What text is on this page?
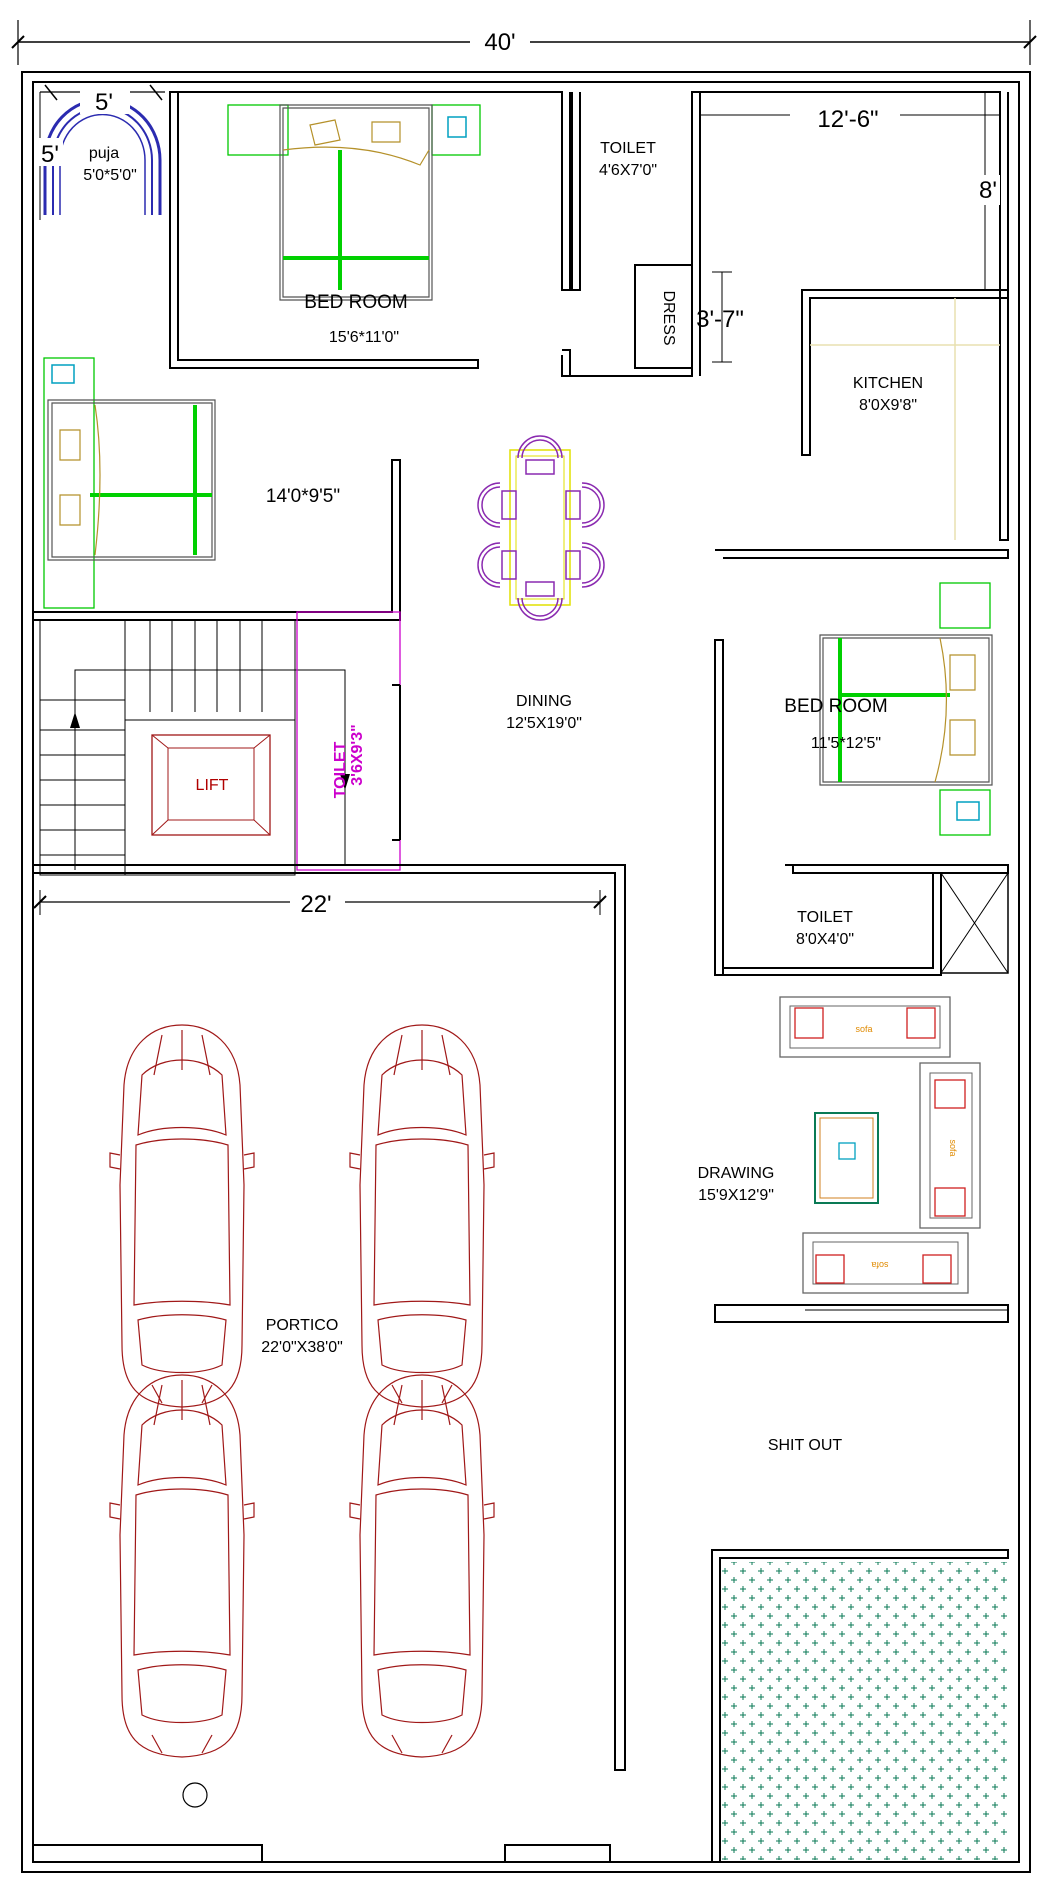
40'
5'
5' puja
5'0*5'0"
BED ROOM
15'6*11'0"
TOILET
4'6X7'0"
DRESS 3'-7"
12'-6"
8'
KITCHEN
8'0X9'8"
14'0*9'5"
DINING
12'5X19'0"
LIFT	TOILET 3'6X9'3"
22'
PORTICO
22'0"X38'0"
BED ROOM
11'5*12'5"
TOILET
8'0X4'0"
sofa
sofa
sofa
DRAWING
15'9X12'9"
SHIT OUT
